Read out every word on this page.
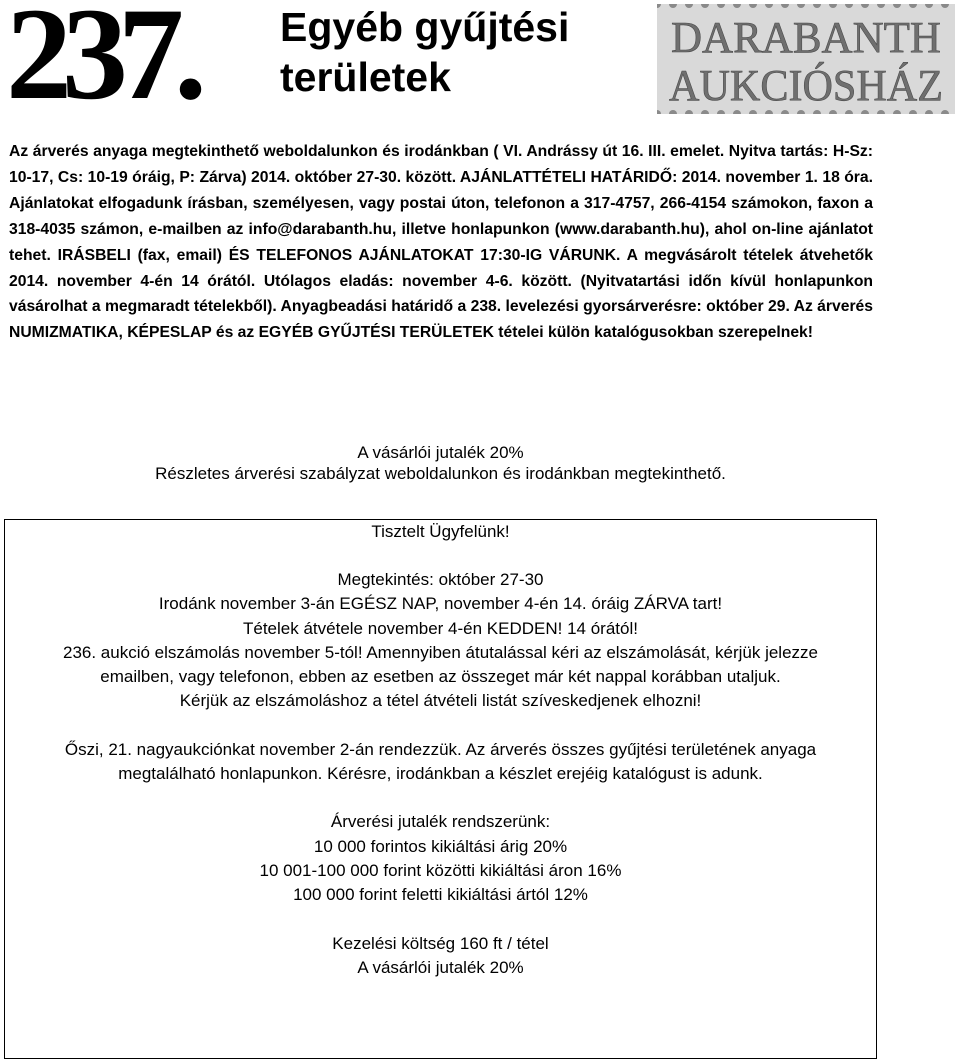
237. Egyéb gyűjtési
területek
DARABANTH
AUKCIÓSHÁZ
Az árverés anyaga megtekinthető weboldalunkon és irodánkban ( VI. Andrássy út 16. III. emelet. Nyitva tartás: H-Sz: 10-17, Cs: 10-19 óráig, P: Zárva) 2014. október 27-30. között. AJÁNLATTÉTELI HATÁRIDŐ: 2014. november 1. 18 óra. Ajánlatokat elfogadunk írásban, személyesen, vagy postai úton, telefonon a 317-4757, 266-4154 számokon, faxon a 318-4035 számon, e-mailben az info@darabanth.hu, illetve honlapunkon (www.darabanth.hu), ahol on-line ajánlatot tehet. IRÁSBELI (fax, email) ÉS TELEFONOS AJÁNLATOKAT 17:30-IG VÁRUNK. A megvásárolt tételek átvehetők 2014. november 4-én 14 órától. Utólagos eladás: november 4-6. között. (Nyitvatartási időn kívül honlapunkon vásárolhat a megmaradt tételekből). Anyagbeadási határidő a 238. levelezési gyorsárverésre: október 29. Az árverés NUMIZMATIKA, KÉPESLAP és az EGYÉB GYŰJTÉSI TERÜLETEK tételei külön katalógusokban szerepelnek!
A vásárlói jutalék 20%
Részletes árverési szabályzat weboldalunkon és irodánkban megtekinthető.

Tisztelt Ügyfelünk!

Megtekintés: október 27-30

Irodánk november 3-án EGÉSZ NAP, november 4-én 14. óráig ZÁRVA tart!

Tételek átvétele november 4-én KEDDEN! 14 órától!

236. aukció elszámolás november 5-tól! Amennyiben átutalással kéri az elszámolását, kérjük jelezze emailben, vagy telefonon, ebben az esetben az összeget már két nappal korábban utaljuk.

Kérjük az elszámoláshoz a tétel átvételi listát szíveskedjenek elhozni!

Őszi, 21. nagyaukciónkat november 2-án rendezzük. Az árverés összes gyűjtési területének anyaga megtalálható honlapunkon. Kérésre, irodánkban a készlet erejéig katalógust is adunk.

Árverési jutalék rendszerünk:

10 000 forintos kikiáltási árig 20%

10 001-100 000 forint közötti kikiáltási áron 16%

100 000 forint feletti kikiáltási ártól 12%

Kezelési költség 160 ft / tétel

A vásárlói jutalék 20%
